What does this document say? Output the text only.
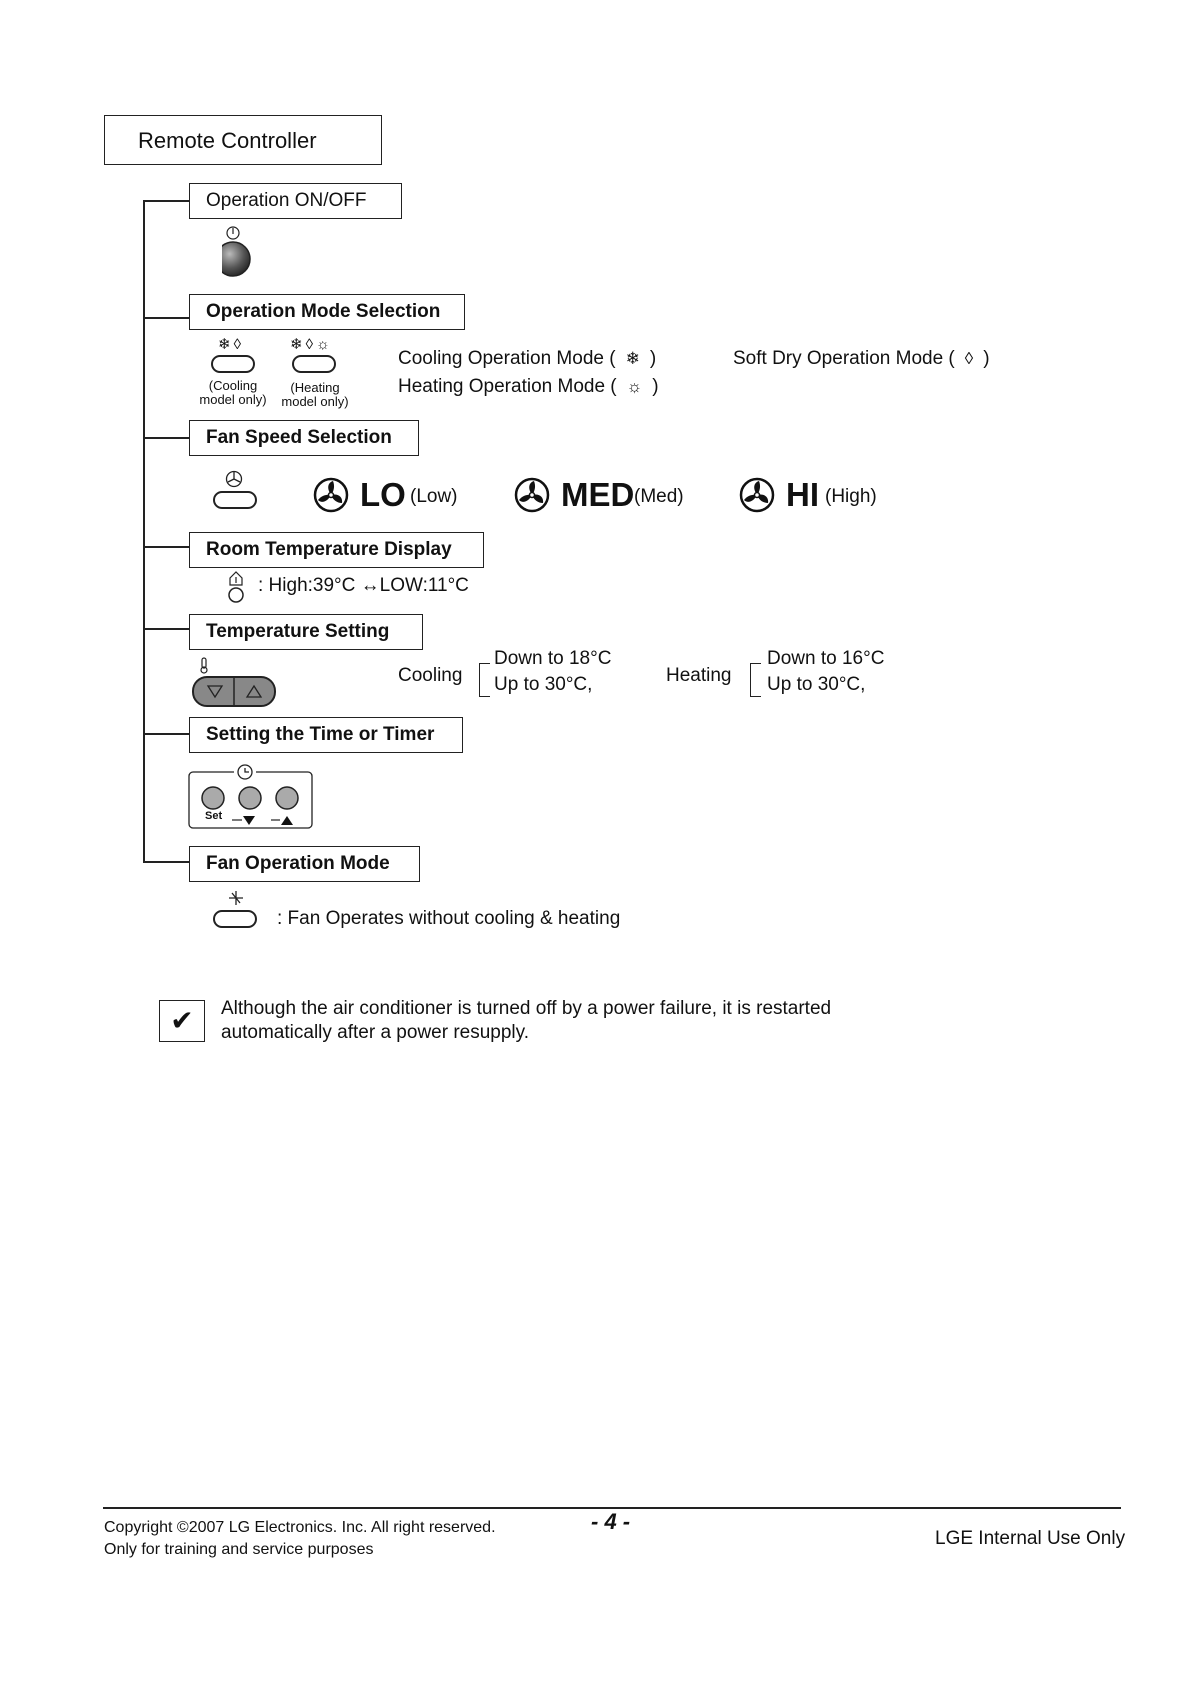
Remote Controller
Operation ON/OFF
Operation Mode Selection
❄ ◊
(Cooling
model only)
❄ ◊ ☼
(Heating
model only)
Cooling Operation Mode (  ❄  )
Heating Operation Mode (  ☼  )
Soft Dry Operation Mode (  ◊  )
Fan Speed Selection
LO (Low)	MED (Med)	HI (High)
Room Temperature Display
: High:39°C ↔LOW:11°C
Temperature Setting
Cooling
Down to 18°C
Up to 30°C,	Heating
Down to 16°C
Up to 30°C,
Setting the Time or Timer
Set
Fan Operation Mode
: Fan Operates without cooling & heating
✔	Although the air conditioner is turned off by a power failure, it is restarted
automatically after a power resupply.
Copyright ©2007 LG Electronics. Inc. All right reserved.
Only for training and service purposes
- 4 -
LGE Internal Use Only
